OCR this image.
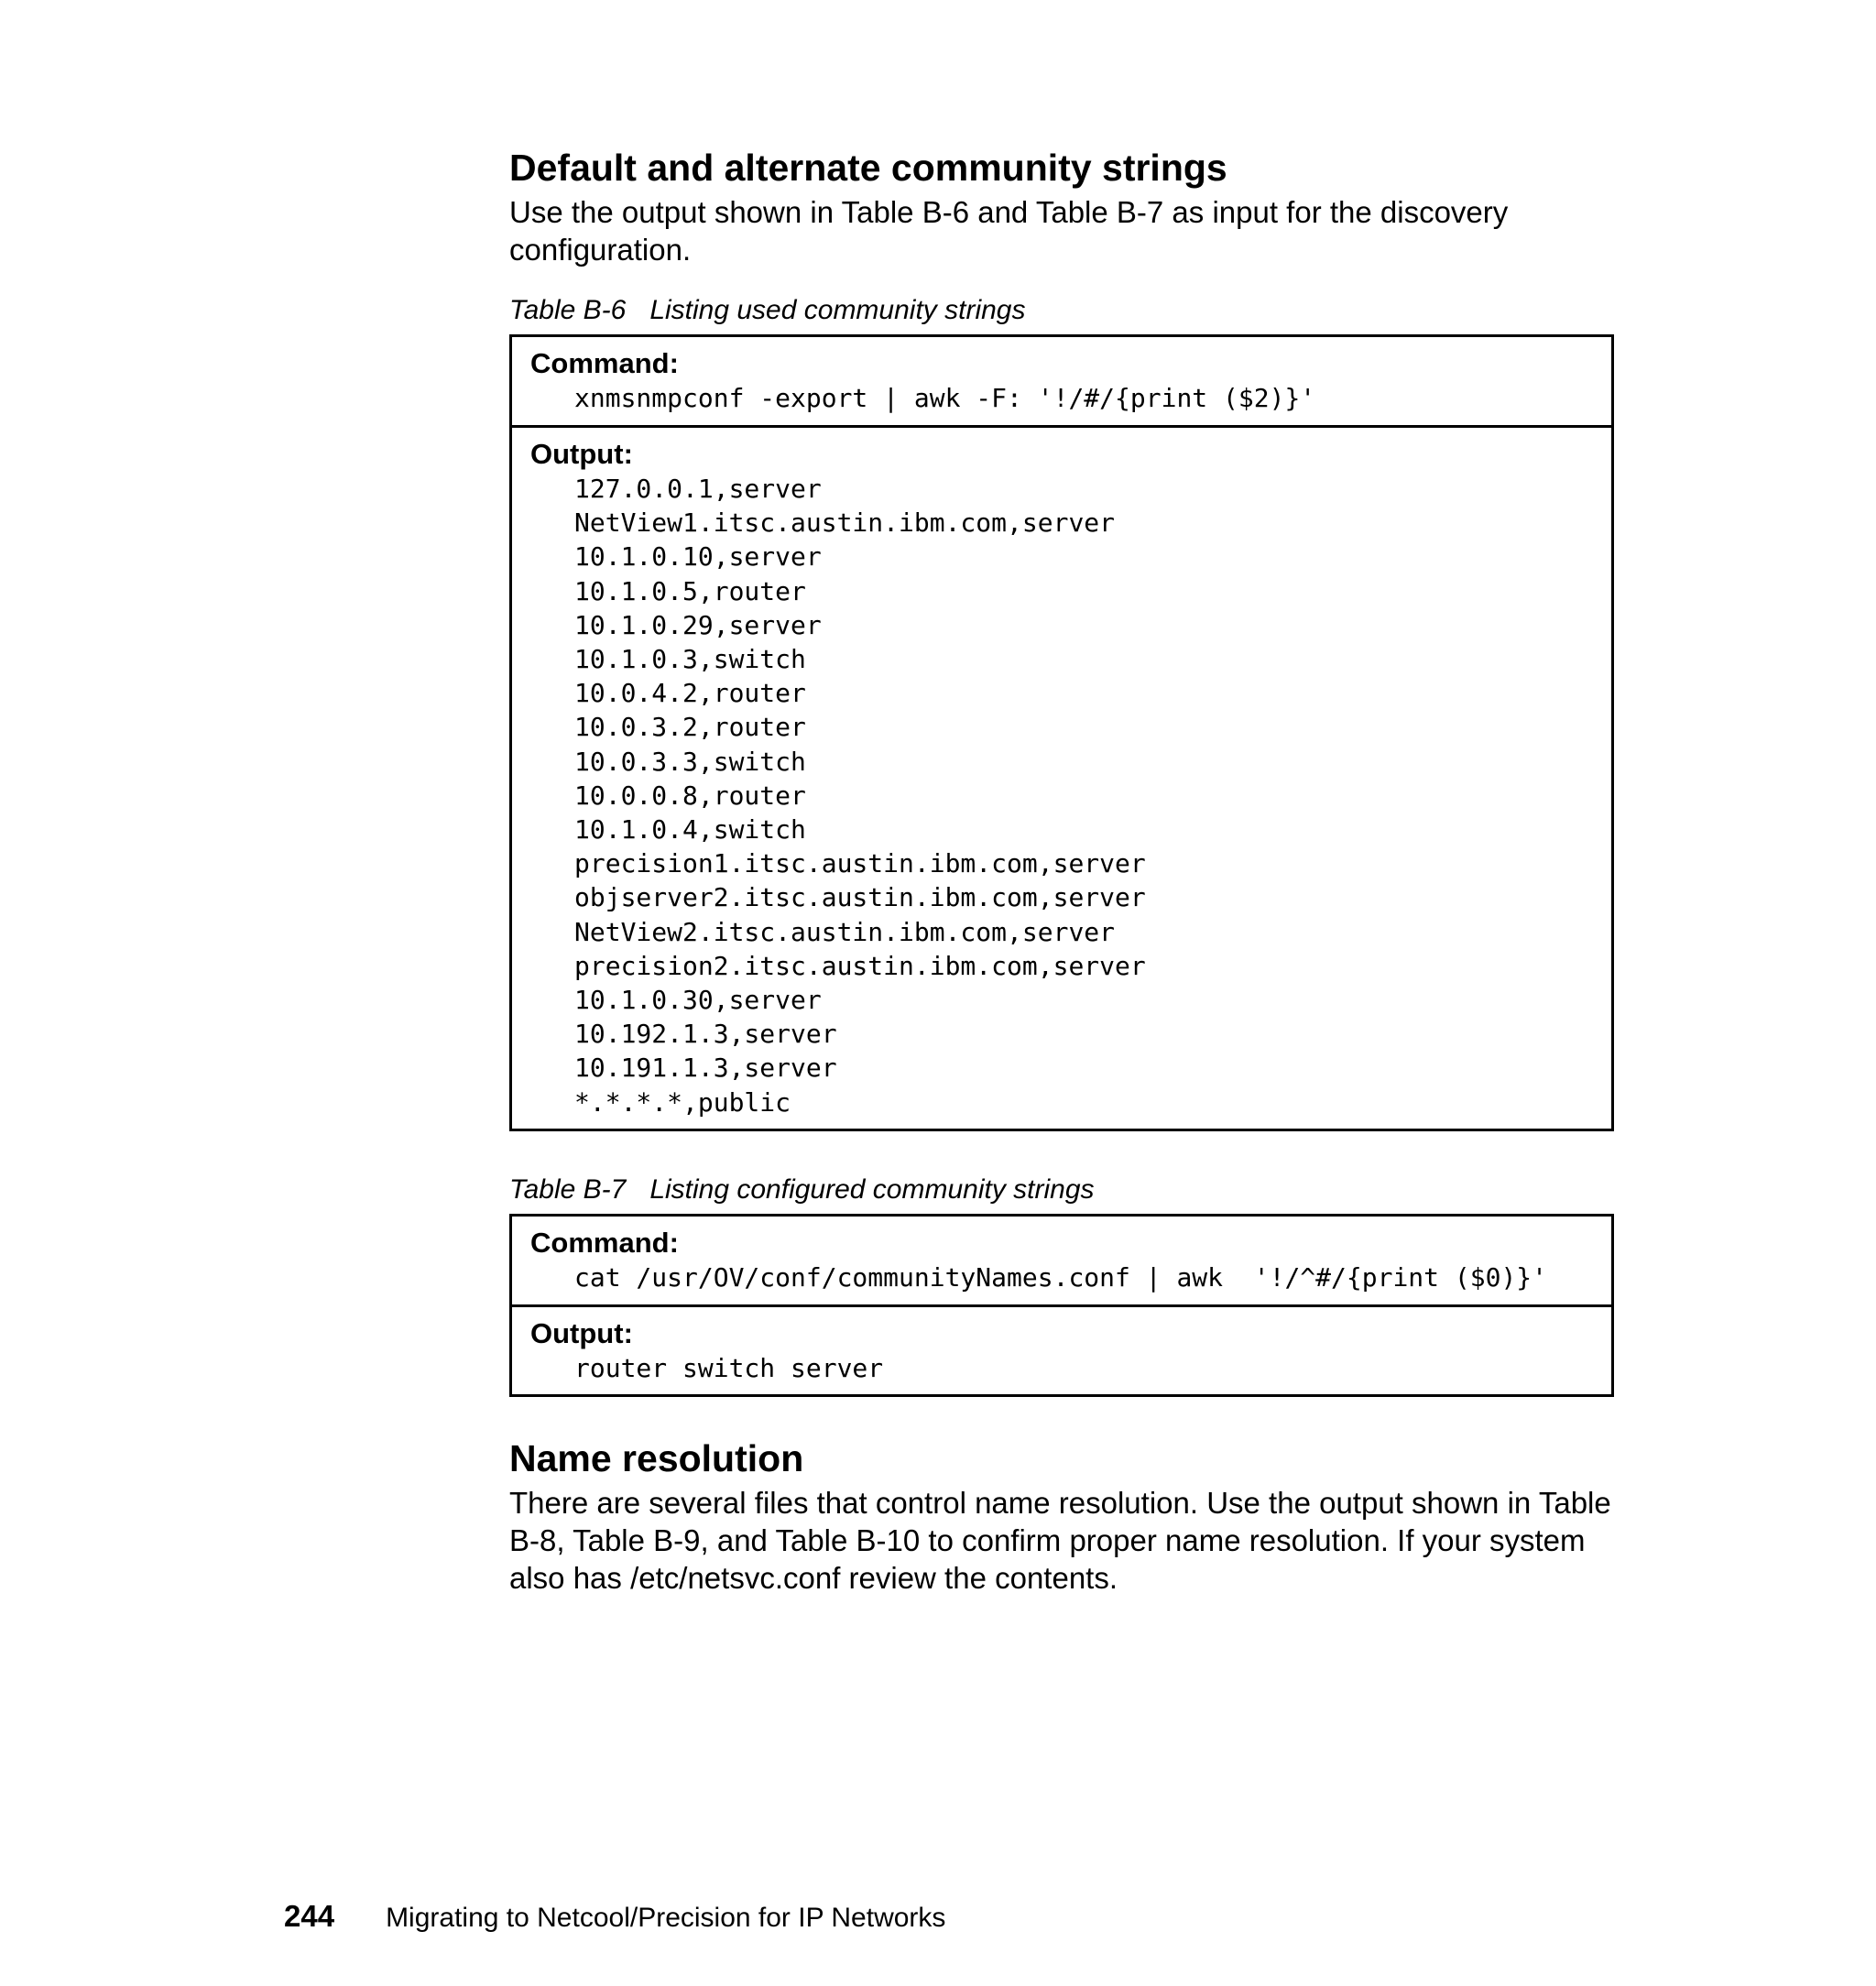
Default and alternate community strings

Use the output shown in Table B-6 and Table B-7 as input for the discovery configuration.

Table B-6 Listing used community strings
Command:
xnmsnmpconf -export | awk -F: '!/#/{print ($2)}'
Output:
127.0.0.1,server
NetView1.itsc.austin.ibm.com,server
10.1.0.10,server
10.1.0.5,router
10.1.0.29,server
10.1.0.3,switch
10.0.4.2,router
10.0.3.2,router
10.0.3.3,switch
10.0.0.8,router
10.1.0.4,switch
precision1.itsc.austin.ibm.com,server
objserver2.itsc.austin.ibm.com,server
NetView2.itsc.austin.ibm.com,server
precision2.itsc.austin.ibm.com,server
10.1.0.30,server
10.192.1.3,server
10.191.1.3,server
*.*.*.*,public
Table B-7 Listing configured community strings
Command:
cat /usr/OV/conf/communityNames.conf | awk  '!/^#/{print ($0)}'
Output:
router switch server
Name resolution

There are several files that control name resolution. Use the output shown in Table B-8, Table B-9, and Table B-10 to confirm proper name resolution. If your system also has /etc/netsvc.conf review the contents.

244 Migrating to Netcool/Precision for IP Networks
